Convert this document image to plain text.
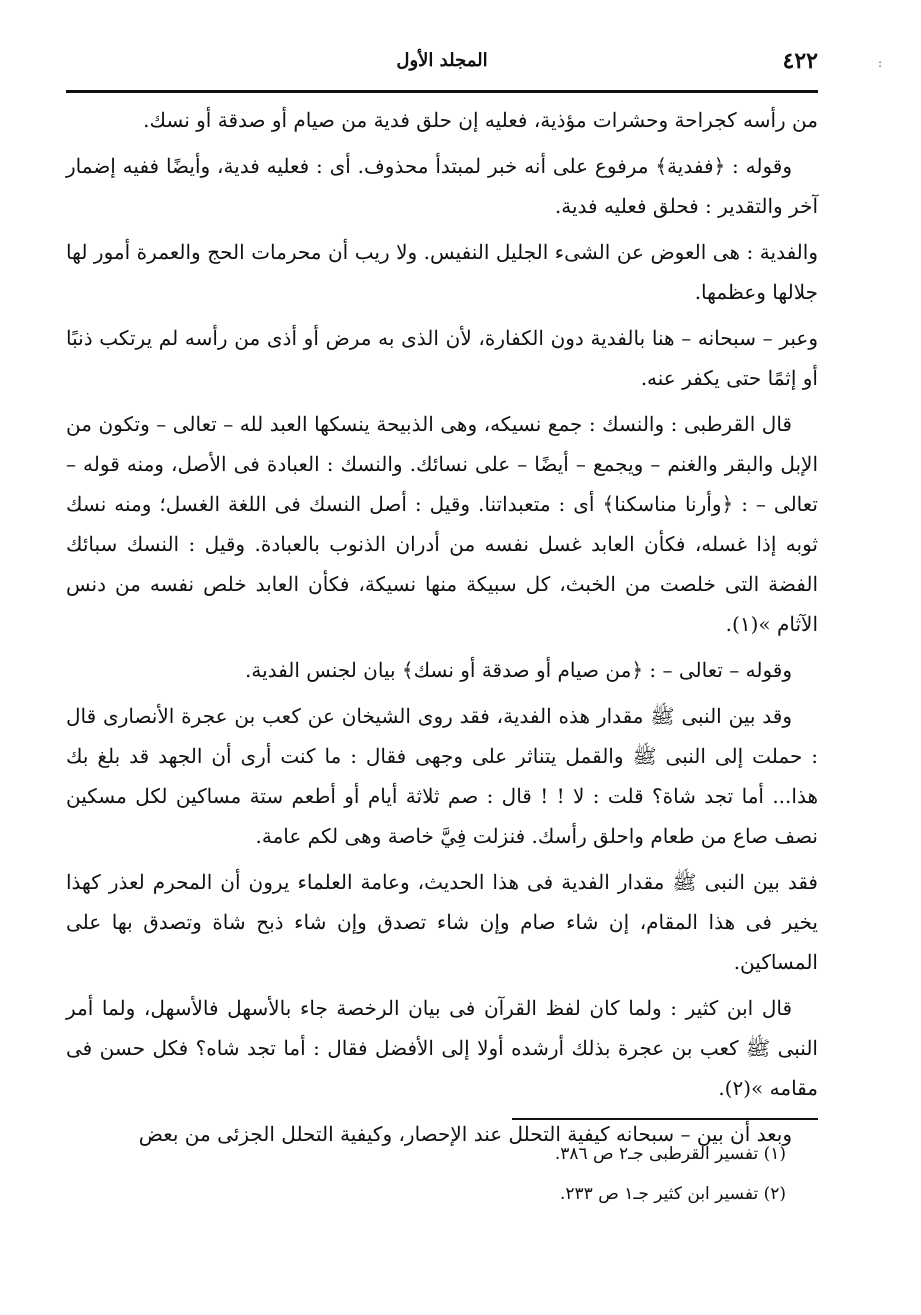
:
٤٢٢
المجلد الأول

من رأسه كجراحة وحشرات مؤذية، فعليه إن حلق فدية من صيام أو صدقة أو نسك.

وقوله : ﴿ففدية﴾ مرفوع على أنه خبر لمبتدأ محذوف. أى : فعليه فدية، وأيضًا ففيه إضمار آخر والتقدير : فحلق فعليه فدية.

والفدية : هى العوض عن الشىء الجليل النفيس. ولا ريب أن محرمات الحج والعمرة أمور لها جلالها وعظمها.

وعبر – سبحانه – هنا بالفدية دون الكفارة، لأن الذى به مرض أو أذى من رأسه لم يرتكب ذنبًا أو إثمًا حتى يكفر عنه.

قال القرطبى : والنسك : جمع نسيكه، وهى الذبيحة ينسكها العبد لله – تعالى – وتكون من الإبل والبقر والغنم – ويجمع – أيضًا – على نسائك. والنسك : العبادة فى الأصل، ومنه قوله – تعالى – : ﴿وأرنا مناسكنا﴾ أى : متعبداتنا. وقيل : أصل النسك فى اللغة الغسل؛ ومنه نسك ثوبه إذا غسله، فكأن العابد غسل نفسه من أدران الذنوب بالعبادة. وقيل : النسك سبائك الفضة التى خلصت من الخبث، كل سبيكة منها نسيكة، فكأن العابد خلص نفسه من دنس الآثام »(١).

وقوله – تعالى – : ﴿من صيام أو صدقة أو نسك﴾ بيان لجنس الفدية.

وقد بين النبى ﷺ مقدار هذه الفدية، فقد روى الشيخان عن كعب بن عجرة الأنصارى قال : حملت إلى النبى ﷺ والقمل يتناثر على وجهى فقال : ما كنت أرى أن الجهد قد بلغ بك هذا... أما تجد شاة؟ قلت : لا ! ! قال : صم ثلاثة أيام أو أطعم ستة مساكين لكل مسكين نصف صاع من طعام واحلق رأسك. فنزلت فِيَّ خاصة وهى لكم عامة.

فقد بين النبى ﷺ مقدار الفدية فى هذا الحديث، وعامة العلماء يرون أن المحرم لعذر كهذا يخير فى هذا المقام، إن شاء صام وإن شاء تصدق وإن شاء ذبح شاة وتصدق بها على المساكين.

قال ابن كثير : ولما كان لفظ القرآن فى بيان الرخصة جاء بالأسهل فالأسهل، ولما أمر النبى ﷺ كعب بن عجرة بذلك أرشده أولا إلى الأفضل فقال : أما تجد شاه؟ فكل حسن فى مقامه »(٢).

وبعد أن بين – سبحانه كيفية التحلل عند الإحصار، وكيفية التحلل الجزئى من بعض

(١) تفسير القرطبى جـ٢ ص ٣٨٦.

(٢) تفسير ابن كثير جـ١ ص ٢٣٣.
